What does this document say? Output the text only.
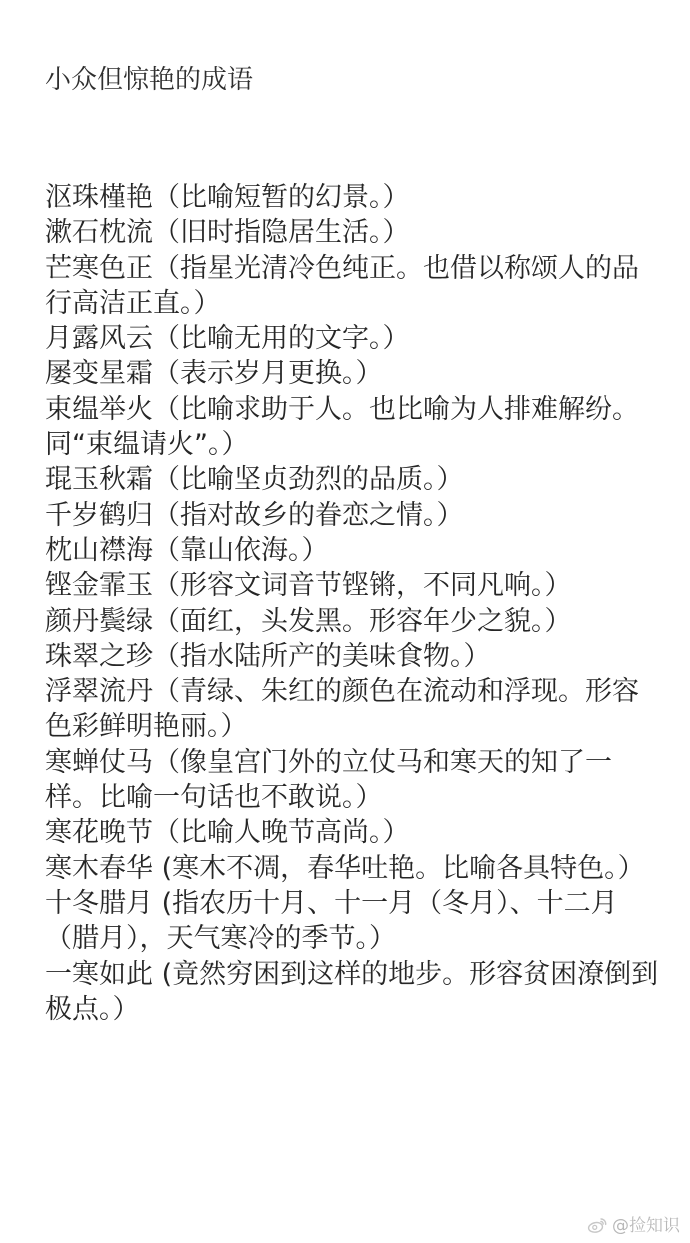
小众但惊艳的成语
沤珠槿艳（比喻短暂的幻景。）
漱石枕流（旧时指隐居生活。）
芒寒色正（指星光清冷色纯正。也借以称颂人的品行高洁正直。）
月露风云（比喻无用的文字。）
屡变星霜（表示岁月更换。）
束缊举火（比喻求助于人。也比喻为人排难解纷。同“束缊请火”。）
琨玉秋霜（比喻坚贞劲烈的品质。）
千岁鹤归（指对故乡的眷恋之情。）
枕山襟海（靠山依海。）
铿金霏玉（形容文词音节铿锵，不同凡响。）
颜丹鬓绿（面红，头发黑。形容年少之貌。）
珠翠之珍（指水陆所产的美味食物。）
浮翠流丹（青绿、朱红的颜色在流动和浮现。形容色彩鲜明艳丽。）
寒蝉仗马（像皇宫门外的立仗马和寒天的知了一样。比喻一句话也不敢说。）
寒花晚节（比喻人晚节高尚。）
寒木春华 (寒木不凋，春华吐艳。比喻各具特色。）
十冬腊月 (指农历十月、十一月（冬月）、十二月（腊月），天气寒冷的季节。）
一寒如此 (竟然穷困到这样的地步。形容贫困潦倒到极点。）
@捡知识
